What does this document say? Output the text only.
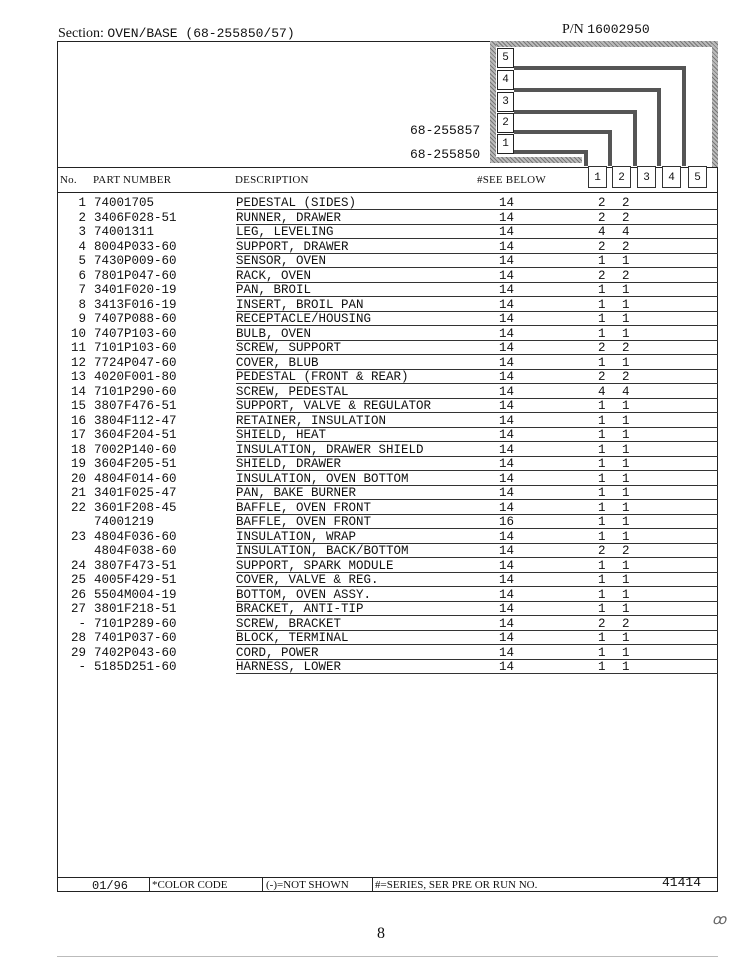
Section: OVEN/BASE (68-255850/57)	P/N 16002950
5
4
3
2
1
68-255857
68-255850
1	2	3	4	5
No. PART NUMBER	DESCRIPTION	#SEE BELOW
1 74001705	PEDESTAL (SIDES)	14	2 2
2 3406F028-51	RUNNER, DRAWER	14	2 2
3 74001311	LEG, LEVELING	14	4 4
4 8004P033-60	SUPPORT, DRAWER	14	2 2
5 7430P009-60	SENSOR, OVEN	14	1 1
6 7801P047-60	RACK, OVEN	14	2 2
7 3401F020-19	PAN, BROIL	14	1 1
8 3413F016-19	INSERT, BROIL PAN	14	1 1
9 7407P088-60	RECEPTACLE/HOUSING	14	1 1
10 7407P103-60	BULB, OVEN	14	1 1
11 7101P103-60	SCREW, SUPPORT	14	2 2
12 7724P047-60	COVER, BLUB	14	1 1
13 4020F001-80	PEDESTAL (FRONT & REAR)	14	2 2
14 7101P290-60	SCREW, PEDESTAL	14	4 4
15 3807F476-51	SUPPORT, VALVE & REGULATOR	14	1 1
16 3804F112-47	RETAINER, INSULATION	14	1 1
17 3604F204-51	SHIELD, HEAT	14	1 1
18 7002P140-60	INSULATION, DRAWER SHIELD	14	1 1
19 3604F205-51	SHIELD, DRAWER	14	1 1
20 4804F014-60	INSULATION, OVEN BOTTOM	14	1 1
21 3401F025-47	PAN, BAKE BURNER	14	1 1
22 3601F208-45	BAFFLE, OVEN FRONT	14	1 1
74001219	BAFFLE, OVEN FRONT	16	1 1
23 4804F036-60	INSULATION, WRAP	14	1 1
4804F038-60	INSULATION, BACK/BOTTOM	14	2 2
24 3807F473-51	SUPPORT, SPARK MODULE	14	1 1
25 4005F429-51	COVER, VALVE & REG.	14	1 1
26 5504M004-19	BOTTOM, OVEN ASSY.	14	1 1
27 3801F218-51	BRACKET, ANTI-TIP	14	1 1
- 7101P289-60	SCREW, BRACKET	14	2 2
28 7401P037-60	BLOCK, TERMINAL	14	1 1
29 7402P043-60	CORD, POWER	14	1 1
- 5185D251-60	HARNESS, LOWER	14	1 1
01/96 *COLOR CODE	(-)=NOT SHOWN #=SERIES, SER PRE OR RUN NO.	41414
8
ꝏ
